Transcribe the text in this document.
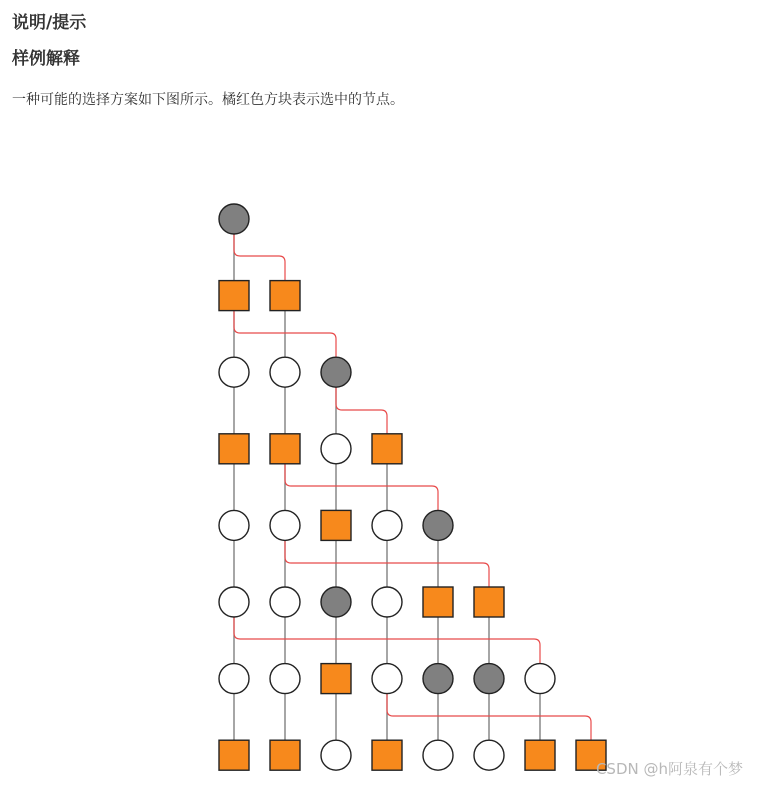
说明/提示
样例解释
一种可能的选择方案如下图所示。橘红色方块表示选中的节点。
CSDN @h阿泉有个梦
